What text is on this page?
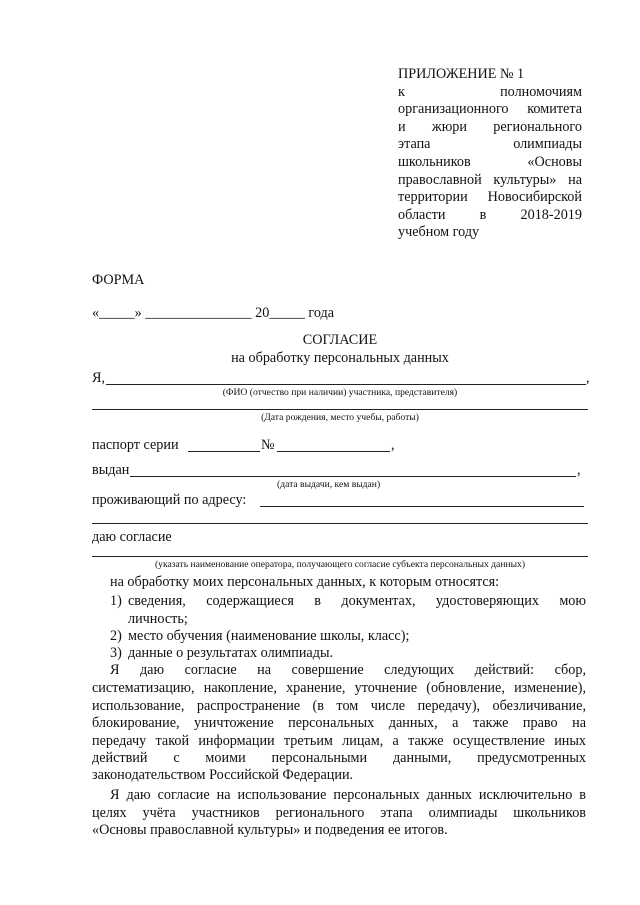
ПРИЛОЖЕНИЕ № 1
к полномочиям
организационного комитета
и жюри регионального
этапа олимпиады
школьников «Основы
православной культуры» на
территории Новосибирской
области в 2018-2019
учебном году

ФОРМА

«_____» _______________ 20_____ года

СОГЛАСИЕ

на обработку персональных данных

Я,	,

(ФИО (отчество при наличии) участника, представителя)

(Дата рождения, место учебы, работы)

паспорт серии	№	,

выдан	,

(дата выдачи, кем выдан)

проживающий по адресу:

даю согласие

(указать наименование оператора, получающего согласие субъекта персональных данных)

на обработку моих персональных данных, к которым относятся:

1) сведения, содержащиеся в документах, удостоверяющих мою

личность;

2) место обучения (наименование школы, класс);

3) данные о результатах олимпиады.

Я даю согласие на совершение следующих действий: сбор,

систематизацию, накопление, хранение, уточнение (обновление, изменение),

использование, распространение (в том числе передачу), обезличивание,

блокирование, уничтожение персональных данных, а также право на

передачу такой информации третьим лицам, а также осуществление иных

действий с моими персональными данными, предусмотренных

законодательством Российской Федерации.

Я даю согласие на использование персональных данных исключительно в

целях учёта участников регионального этапа олимпиады школьников

«Основы православной культуры» и подведения ее итогов.
